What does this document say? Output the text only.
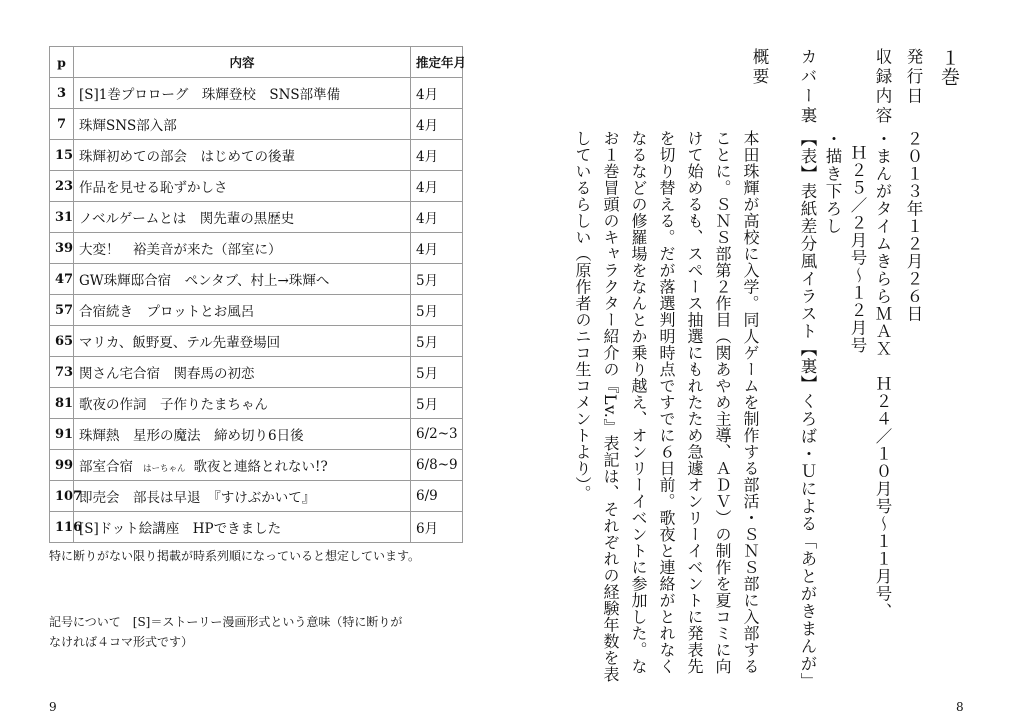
p	内容	推定年月
3	[S]1巻プロローグ　珠輝登校　SNS部準備	4月
7	珠輝SNS部入部	4月
15	珠輝初めての部会　はじめての後輩	4月
23	作品を見せる恥ずかしさ	4月
31	ノベルゲームとは　関先輩の黒歴史	4月
39	大変！　裕美音が来た（部室に）	4月
47	GW珠輝邸合宿　ペンタブ、村上→珠輝へ	5月
57	合宿続き　プロットとお風呂	5月
65	マリカ、飯野夏、テル先輩登場回	5月
73	関さん宅合宿　関春馬の初恋	5月
81	歌夜の作詞　子作りたまちゃん	5月
91	珠輝熱　星形の魔法　締め切り6日後	6/2~3
99	部室合宿 はーちゃん 歌夜と連絡とれない!?	6/8~9
107	即売会　部長は早退　『すけぶかいて』	6/9
116	[S]ドット絵講座　HPできました	6月
特に断りがない限り掲載が時系列順になっていると想定しています。
記号について　[S]＝ストーリー漫画形式という意味（特に断りが
なければ４コマ形式です）
9
１巻
発行日
２０１３年１２月２６日
収録内容
・まんがタイムきららＭＡＸ　Ｈ２４／１０月号〜１１月号、
Ｈ２５／２月号〜１２月号
・描き下ろし
カバー裏
【表】表紙差分風イラスト【裏】くろば・Ｕによる「あとがきまんが」
概要
本田珠輝が高校に入学。同人ゲームを制作する部活・ＳＮＳ部に入部することに。ＳＮＳ部第２作目（関あやめ主導、ＡＤＶ）の制作を夏コミに向けて始めるも、スペース抽選にもれたため急遽オンリーイベントに発表先を切り替える。だが落選判明時点ですでに６日前。歌夜と連絡がとれなくなるなどの修羅場をなんとか乗り越え、オンリーイベントに参加した。なお１巻冒頭のキャラクター紹介の『Lv.』表記は、それぞれの経験年数を表しているらしい（原作者のニコ生コメントより）。
8
